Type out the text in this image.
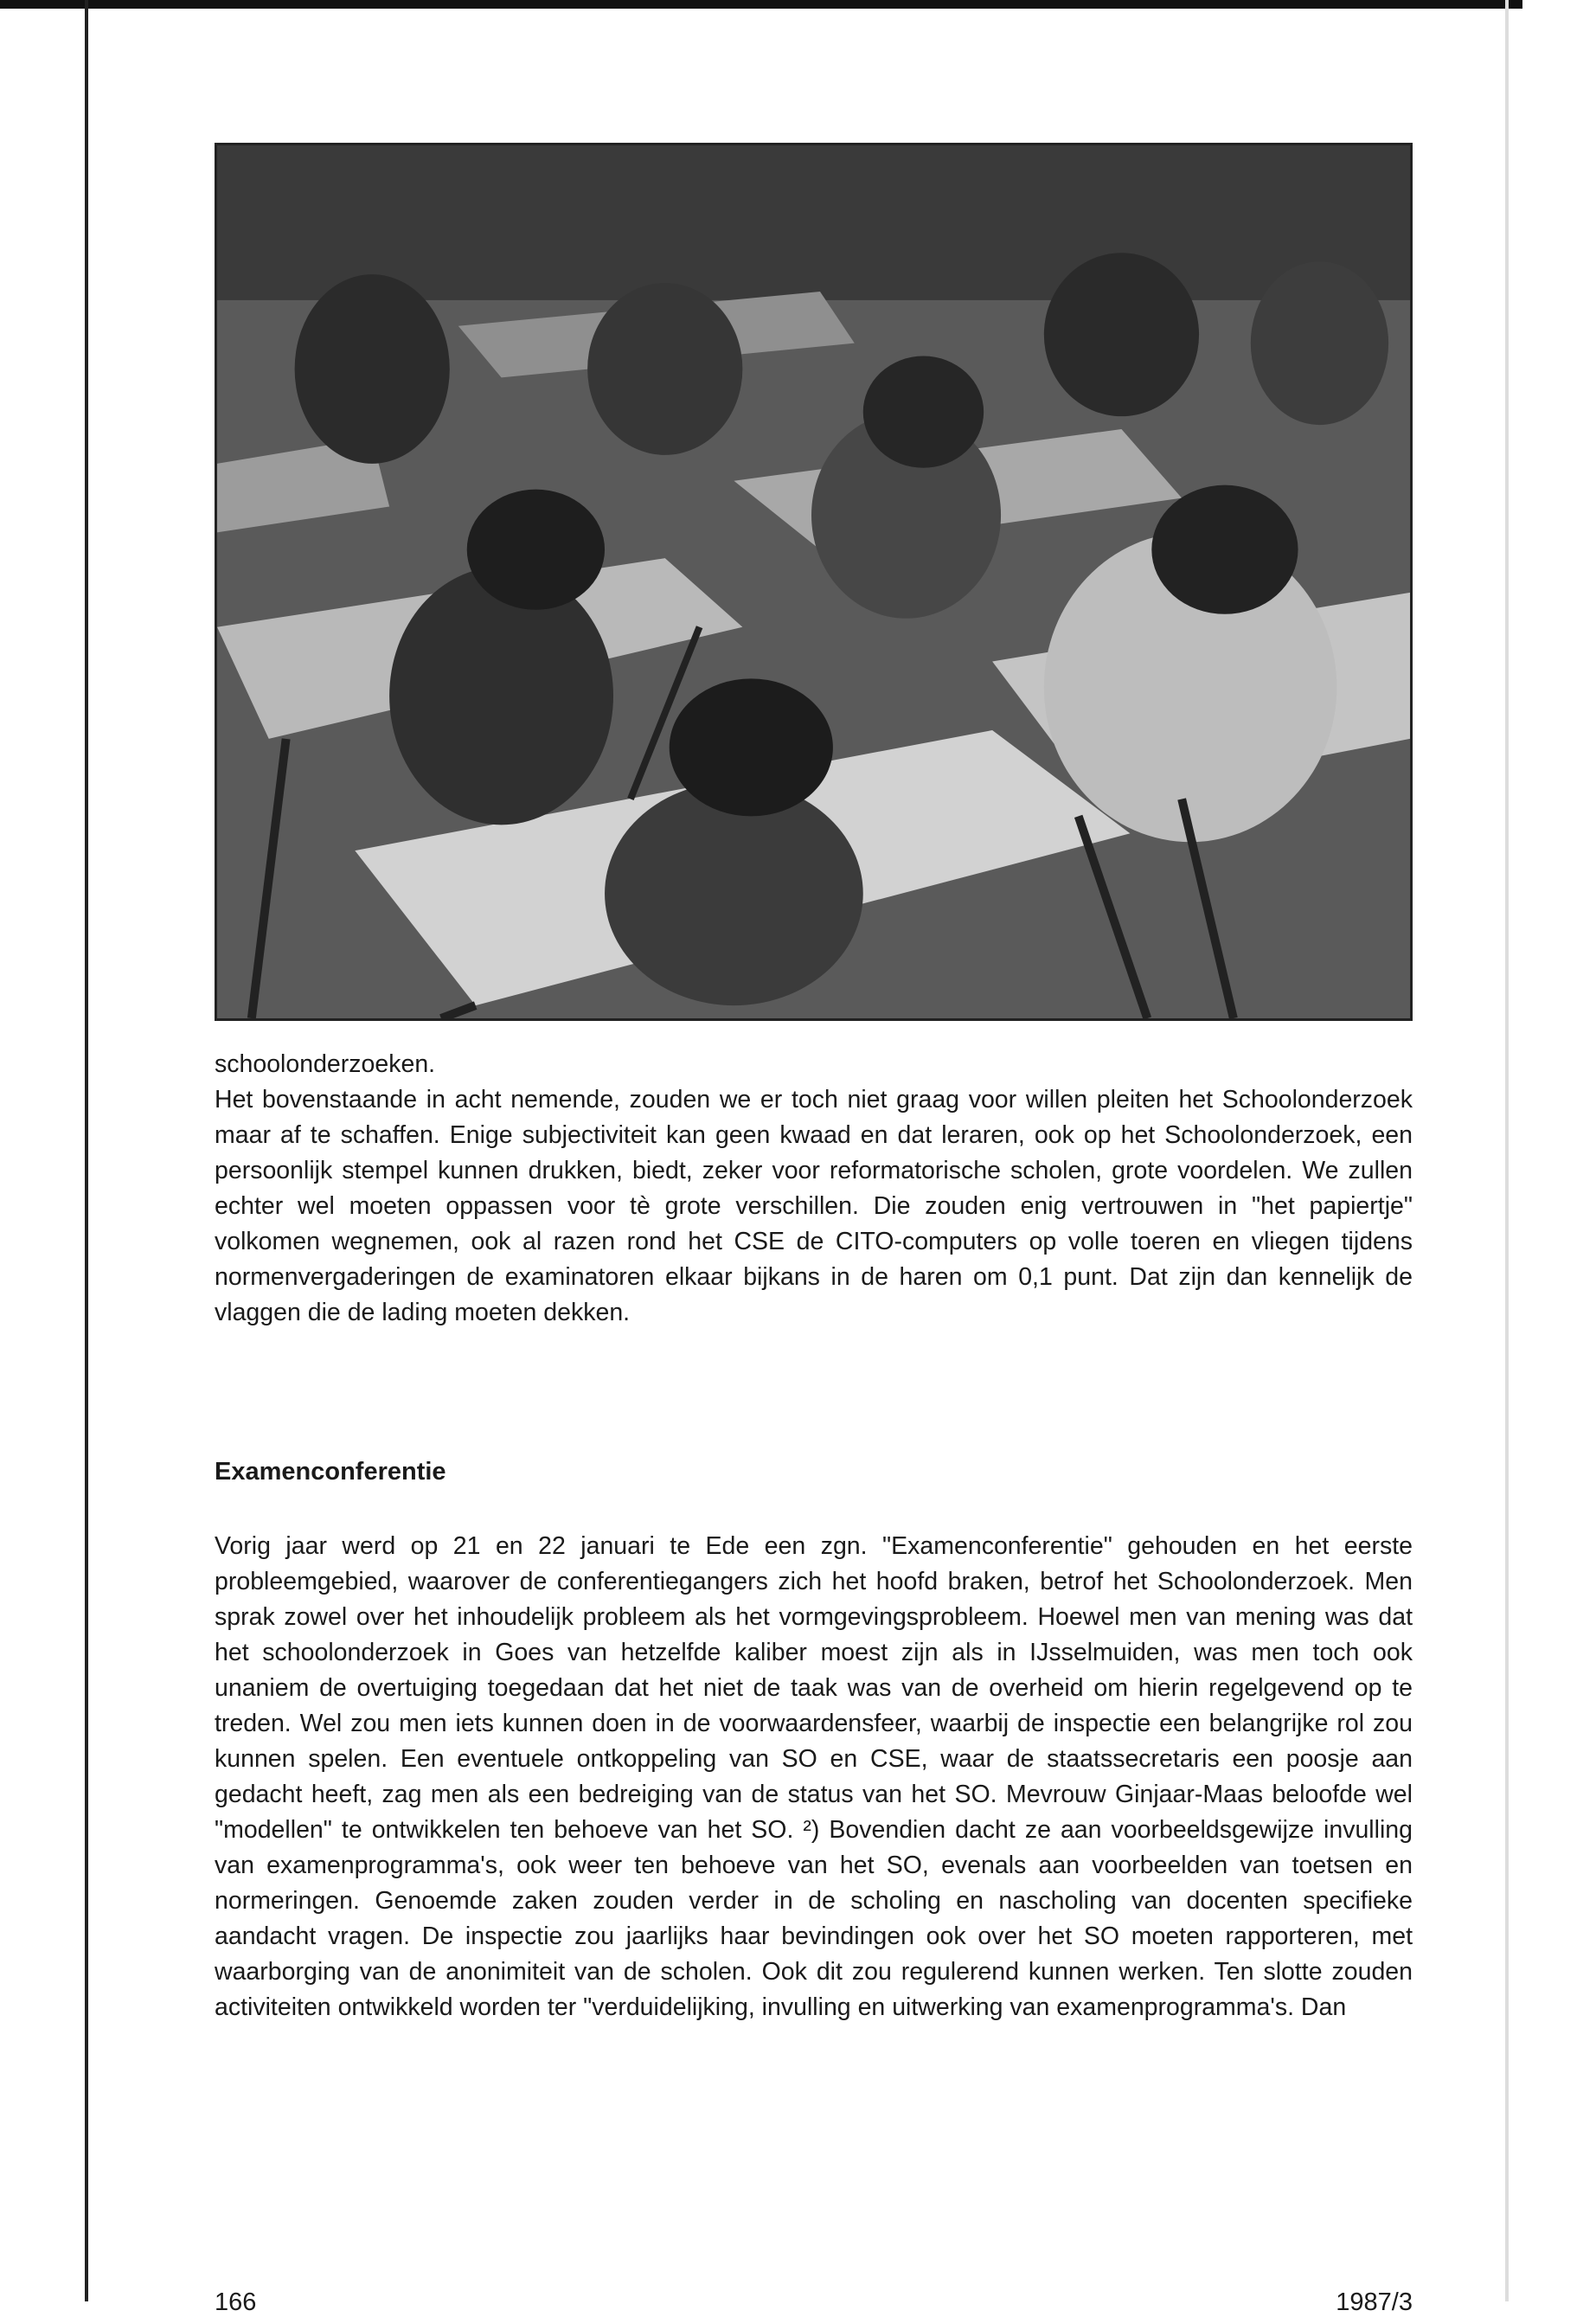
schoolonderzoeken.

Het bovenstaande in acht nemende, zouden we er toch niet graag voor willen pleiten het Schoolonderzoek maar af te schaffen. Enige subjectiviteit kan geen kwaad en dat leraren, ook op het Schoolonderzoek, een persoonlijk stempel kunnen drukken, biedt, zeker voor reformatorische scholen, grote voordelen. We zullen echter wel moeten oppassen voor tè grote verschillen. Die zouden enig vertrouwen in "het papiertje" volkomen wegnemen, ook al razen rond het CSE de CITO-computers op volle toeren en vliegen tijdens normenvergaderingen de examinatoren elkaar bijkans in de haren om 0,1 punt. Dat zijn dan kennelijk de vlaggen die de lading moeten dekken.

Examenconferentie

Vorig jaar werd op 21 en 22 januari te Ede een zgn. "Examenconferentie" gehouden en het eerste probleemgebied, waarover de conferentiegangers zich het hoofd braken, betrof het Schoolonderzoek. Men sprak zowel over het inhoudelijk probleem als het vormgevingsprobleem. Hoewel men van mening was dat het schoolonderzoek in Goes van hetzelfde kaliber moest zijn als in IJsselmuiden, was men toch ook unaniem de overtuiging toegedaan dat het niet de taak was van de overheid om hierin regelgevend op te treden. Wel zou men iets kunnen doen in de voorwaardensfeer, waarbij de inspectie een belangrijke rol zou kunnen spelen. Een eventuele ontkoppeling van SO en CSE, waar de staatssecretaris een poosje aan gedacht heeft, zag men als een bedreiging van de status van het SO. Mevrouw Ginjaar-Maas beloofde wel "modellen" te ontwikkelen ten behoeve van het SO. ²) Bovendien dacht ze aan voorbeeldsgewijze invulling van examenprogramma's, ook weer ten behoeve van het SO, evenals aan voorbeelden van toetsen en normeringen. Genoemde zaken zouden verder in de scholing en nascholing van docenten specifieke aandacht vragen. De inspectie zou jaarlijks haar bevindingen ook over het SO moeten rapporteren, met waarborging van de anonimiteit van de scholen. Ook dit zou regulerend kunnen werken. Ten slotte zouden activiteiten ontwikkeld worden ter "verduidelijking, invulling en uitwerking van examenprogramma's. Dan

166	1987/3
